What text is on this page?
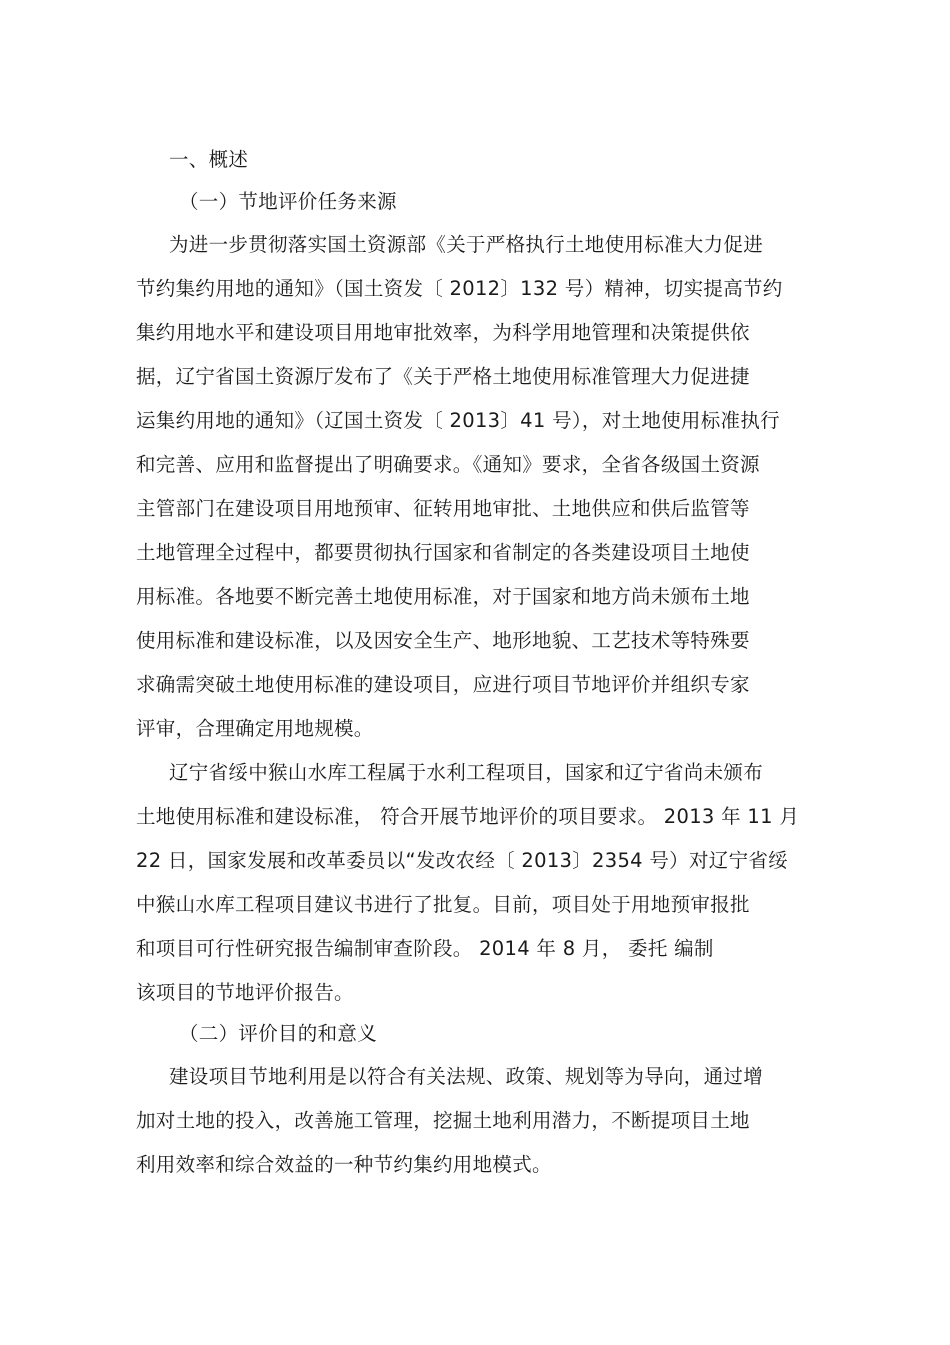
一、概述
（一）节地评价任务来源
为进一步贯彻落实国土资源部《关于严格执行土地使用标准大力促进
节约集约用地的通知》（国土资发〔 2012〕132 号）精神，切实提高节约
集约用地水平和建设项目用地审批效率，为科学用地管理和决策提供依
据，辽宁省国土资源厅发布了《关于严格土地使用标准管理大力促进捷
运集约用地的通知》（辽国土资发〔 2013〕41 号），对土地使用标准执行
和完善、应用和监督提出了明确要求。《通知》要求，全省各级国土资源
主管部门在建设项目用地预审、征转用地审批、土地供应和供后监管等
土地管理全过程中，都要贯彻执行国家和省制定的各类建设项目土地使
用标准。各地要不断完善土地使用标准，对于国家和地方尚未颁布土地
使用标准和建设标准，以及因安全生产、地形地貌、工艺技术等特殊要
求确需突破土地使用标准的建设项目，应进行项目节地评价并组织专家
评审，合理确定用地规模。
辽宁省绥中猴山水库工程属于水利工程项目，国家和辽宁省尚未颁布
土地使用标准和建设标准， 符合开展节地评价的项目要求。 2013 年 11 月
22 日，国家发展和改革委员以“发改农经〔 2013〕2354 号）对辽宁省绥
中猴山水库工程项目建议书进行了批复。目前，项目处于用地预审报批
和项目可行性研究报告编制审查阶段。 2014 年 8 月， 委托 编制
该项目的节地评价报告。
（二）评价目的和意义
建设项目节地利用是以符合有关法规、政策、规划等为导向，通过增
加对土地的投入，改善施工管理，挖掘土地利用潜力，不断提项目土地
利用效率和综合效益的一种节约集约用地模式。
